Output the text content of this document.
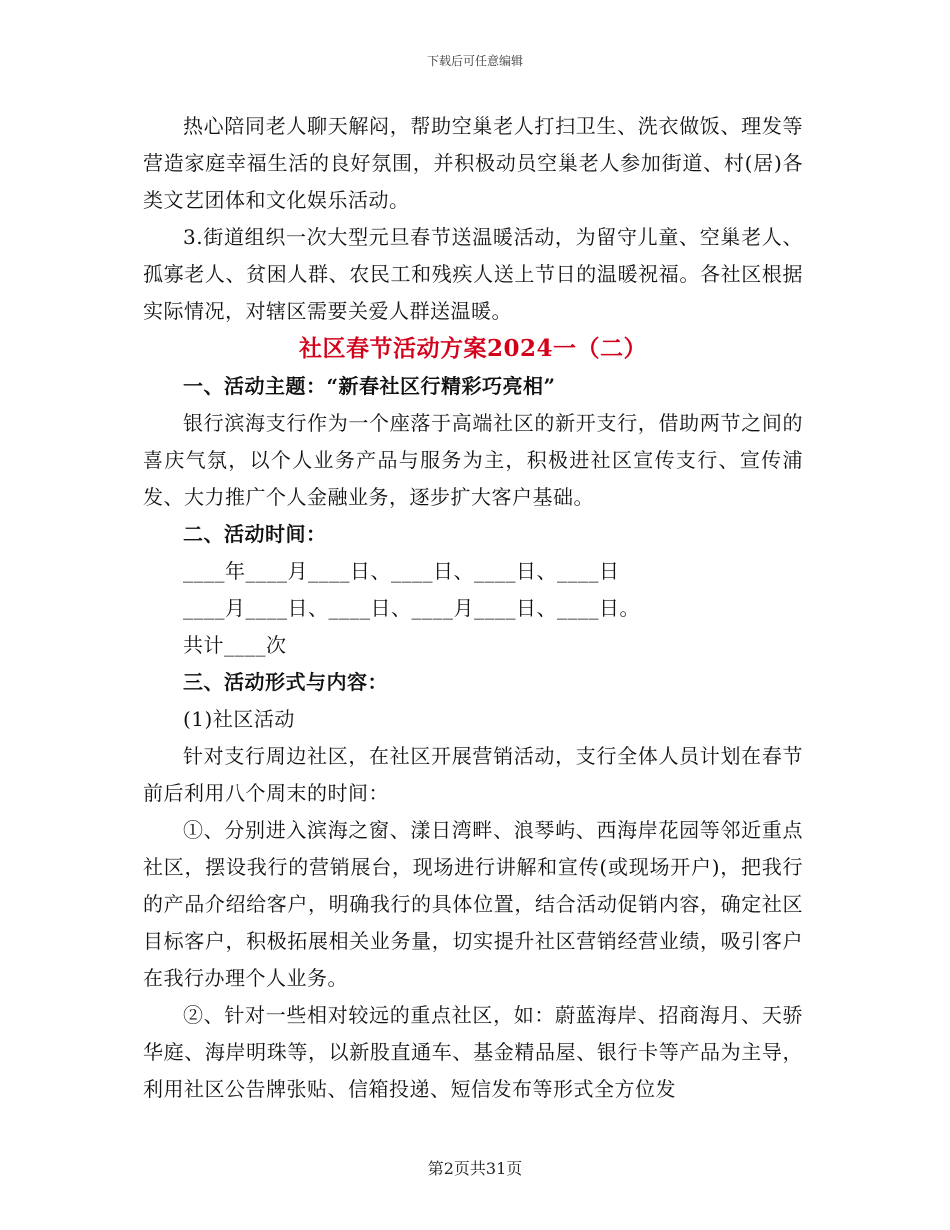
下载后可任意编辑

热心陪同老人聊天解闷，帮助空巢老人打扫卫生、洗衣做饭、理发等营造家庭幸福生活的良好氛围，并积极动员空巢老人参加街道、村(居)各类文艺团体和文化娱乐活动。

3.街道组织一次大型元旦春节送温暖活动，为留守儿童、空巢老人、孤寡老人、贫困人群、农民工和残疾人送上节日的温暖祝福。各社区根据实际情况，对辖区需要关爱人群送温暖。

社区春节活动方案2024一（二）

一、活动主题：“新春社区行精彩巧亮相”

银行滨海支行作为一个座落于高端社区的新开支行，借助两节之间的喜庆气氛，以个人业务产品与服务为主，积极进社区宣传支行、宣传浦发、大力推广个人金融业务，逐步扩大客户基础。

二、活动时间：

____年____月____日、____日、____日、____日

____月____日、____日、____月____日、____日。

共计____次

三、活动形式与内容：

(1)社区活动

针对支行周边社区，在社区开展营销活动，支行全体人员计划在春节前后利用八个周末的时间：

①、分别进入滨海之窗、漾日湾畔、浪琴屿、西海岸花园等邻近重点社区，摆设我行的营销展台，现场进行讲解和宣传(或现场开户)，把我行的产品介绍给客户，明确我行的具体位置，结合活动促销内容，确定社区目标客户，积极拓展相关业务量，切实提升社区营销经营业绩，吸引客户在我行办理个人业务。

②、针对一些相对较远的重点社区，如：蔚蓝海岸、招商海月、天骄华庭、海岸明珠等，以新股直通车、基金精品屋、银行卡等产品为主导，利用社区公告牌张贴、信箱投递、短信发布等形式全方位发

第2页共31页
